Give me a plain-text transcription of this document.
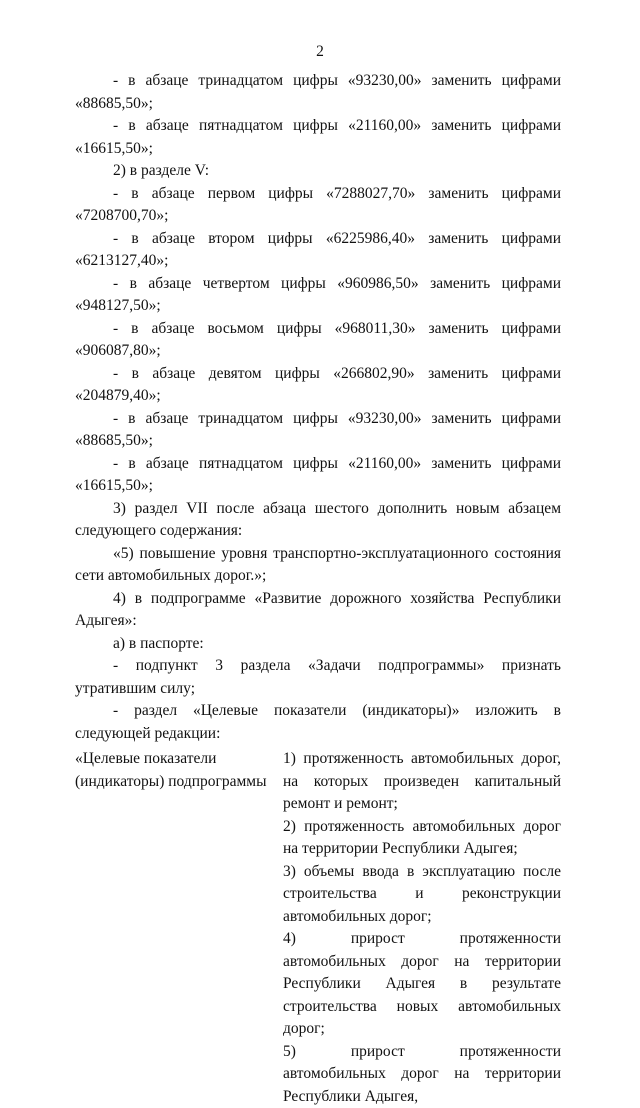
2

- в абзаце тринадцатом цифры «93230,00» заменить цифрами «88685,50»;

- в абзаце пятнадцатом цифры «21160,00» заменить цифрами «16615,50»;

2) в разделе V:

- в абзаце первом цифры «7288027,70» заменить цифрами «7208700,70»;

- в абзаце втором цифры «6225986,40» заменить цифрами «6213127,40»;

- в абзаце четвертом цифры «960986,50» заменить цифрами «948127,50»;

- в абзаце восьмом цифры «968011,30» заменить цифрами «906087,80»;

- в абзаце девятом цифры «266802,90» заменить цифрами «204879,40»;

- в абзаце тринадцатом цифры «93230,00» заменить цифрами «88685,50»;

- в абзаце пятнадцатом цифры «21160,00» заменить цифрами «16615,50»;

3) раздел VII после абзаца шестого дополнить новым абзацем следующего содержания:

«5) повышение уровня транспортно-эксплуатационного состояния сети автомобильных дорог.»;

4) в подпрограмме «Развитие дорожного хозяйства Республики Адыгея»:

а) в паспорте:

- подпункт 3 раздела «Задачи подпрограммы» признать утратившим силу;

- раздел «Целевые показатели (индикаторы)» изложить в следующей редакции:

«Целевые показатели (индикаторы) подпрограммы

1) протяженность автомобильных дорог, на которых произведен капитальный ремонт и ремонт;

2) протяженность автомобильных дорог на территории Республики Адыгея;

3) объемы ввода в эксплуатацию после строительства и реконструкции автомобильных дорог;

4) прирост протяженности автомобильных дорог на территории Республики Адыгея в результате строительства новых автомобильных дорог;

5) прирост протяженности автомобильных дорог на территории Республики Адыгея,
